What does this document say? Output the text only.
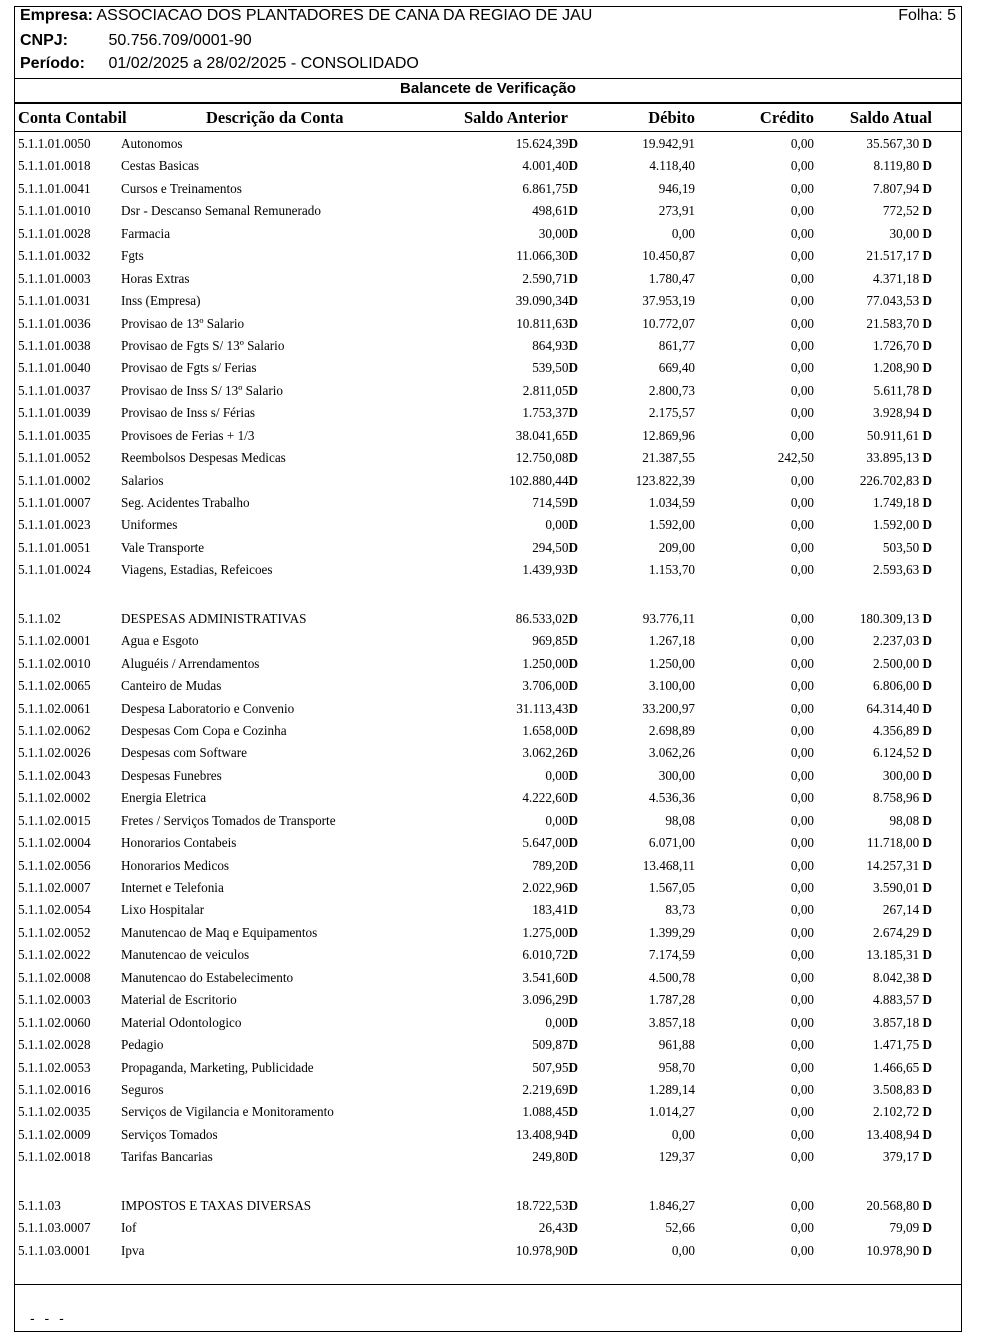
Empresa: ASSOCIACAO DOS PLANTADORES DE CANA DA REGIAO DE JAU	Folha: 5
CNPJ:	50.756.709/0001-90
Período: 01/02/2025 a 28/02/2025 - CONSOLIDADO
Balancete de Verificação
Conta Contabil	Descrição da Conta	Saldo Anterior	Débito	Crédito Saldo Atual
5.1.1.01.0050 Autonomos	15.624,39D	19.942,91	0,00	35.567,30 D
5.1.1.01.0018 Cestas Basicas	4.001,40D	4.118,40	0,00	8.119,80 D
5.1.1.01.0041 Cursos e Treinamentos	6.861,75D	946,19	0,00	7.807,94 D
5.1.1.01.0010 Dsr - Descanso Semanal Remunerado	498,61D	273,91	0,00	772,52 D
5.1.1.01.0028 Farmacia	30,00D	0,00	0,00	30,00 D
5.1.1.01.0032 Fgts	11.066,30D	10.450,87	0,00	21.517,17 D
5.1.1.01.0003 Horas Extras	2.590,71D	1.780,47	0,00	4.371,18 D
5.1.1.01.0031 Inss (Empresa)	39.090,34D	37.953,19	0,00	77.043,53 D
5.1.1.01.0036 Provisao de 13º Salario	10.811,63D	10.772,07	0,00	21.583,70 D
5.1.1.01.0038 Provisao de Fgts S/ 13º Salario	864,93D	861,77	0,00	1.726,70 D
5.1.1.01.0040 Provisao de Fgts s/ Ferias	539,50D	669,40	0,00	1.208,90 D
5.1.1.01.0037 Provisao de Inss S/ 13º Salario	2.811,05D	2.800,73	0,00	5.611,78 D
5.1.1.01.0039 Provisao de Inss s/ Férias	1.753,37D	2.175,57	0,00	3.928,94 D
5.1.1.01.0035 Provisoes de Ferias + 1/3	38.041,65D	12.869,96	0,00	50.911,61 D
5.1.1.01.0052 Reembolsos Despesas Medicas	12.750,08D	21.387,55	242,50	33.895,13 D
5.1.1.01.0002 Salarios	102.880,44D	123.822,39	0,00	226.702,83 D
5.1.1.01.0007 Seg. Acidentes Trabalho	714,59D	1.034,59	0,00	1.749,18 D
5.1.1.01.0023 Uniformes	0,00D	1.592,00	0,00	1.592,00 D
5.1.1.01.0051 Vale Transporte	294,50D	209,00	0,00	503,50 D
5.1.1.01.0024 Viagens, Estadias, Refeicoes	1.439,93D	1.153,70	0,00	2.593,63 D
5.1.1.02	DESPESAS ADMINISTRATIVAS	86.533,02D	93.776,11	0,00	180.309,13 D
5.1.1.02.0001 Agua e Esgoto	969,85D	1.267,18	0,00	2.237,03 D
5.1.1.02.0010 Aluguéis / Arrendamentos	1.250,00D	1.250,00	0,00	2.500,00 D
5.1.1.02.0065 Canteiro de Mudas	3.706,00D	3.100,00	0,00	6.806,00 D
5.1.1.02.0061 Despesa Laboratorio e Convenio	31.113,43D	33.200,97	0,00	64.314,40 D
5.1.1.02.0062 Despesas Com Copa e Cozinha	1.658,00D	2.698,89	0,00	4.356,89 D
5.1.1.02.0026 Despesas com Software	3.062,26D	3.062,26	0,00	6.124,52 D
5.1.1.02.0043 Despesas Funebres	0,00D	300,00	0,00	300,00 D
5.1.1.02.0002 Energia Eletrica	4.222,60D	4.536,36	0,00	8.758,96 D
5.1.1.02.0015 Fretes / Serviços Tomados de Transporte	0,00D	98,08	0,00	98,08 D
5.1.1.02.0004 Honorarios Contabeis	5.647,00D	6.071,00	0,00	11.718,00 D
5.1.1.02.0056 Honorarios Medicos	789,20D	13.468,11	0,00	14.257,31 D
5.1.1.02.0007 Internet e Telefonia	2.022,96D	1.567,05	0,00	3.590,01 D
5.1.1.02.0054 Lixo Hospitalar	183,41D	83,73	0,00	267,14 D
5.1.1.02.0052 Manutencao de Maq e Equipamentos	1.275,00D	1.399,29	0,00	2.674,29 D
5.1.1.02.0022 Manutencao de veiculos	6.010,72D	7.174,59	0,00	13.185,31 D
5.1.1.02.0008 Manutencao do Estabelecimento	3.541,60D	4.500,78	0,00	8.042,38 D
5.1.1.02.0003 Material de Escritorio	3.096,29D	1.787,28	0,00	4.883,57 D
5.1.1.02.0060 Material Odontologico	0,00D	3.857,18	0,00	3.857,18 D
5.1.1.02.0028 Pedagio	509,87D	961,88	0,00	1.471,75 D
5.1.1.02.0053 Propaganda, Marketing, Publicidade	507,95D	958,70	0,00	1.466,65 D
5.1.1.02.0016 Seguros	2.219,69D	1.289,14	0,00	3.508,83 D
5.1.1.02.0035 Serviços de Vigilancia e Monitoramento	1.088,45D	1.014,27	0,00	2.102,72 D
5.1.1.02.0009 Serviços Tomados	13.408,94D	0,00	0,00	13.408,94 D
5.1.1.02.0018 Tarifas Bancarias	249,80D	129,37	0,00	379,17 D
5.1.1.03	IMPOSTOS E TAXAS DIVERSAS	18.722,53D	1.846,27	0,00	20.568,80 D
5.1.1.03.0007 Iof	26,43D	52,66	0,00	79,09 D
5.1.1.03.0001 Ipva	10.978,90D	0,00	0,00	10.978,90 D
- - -
